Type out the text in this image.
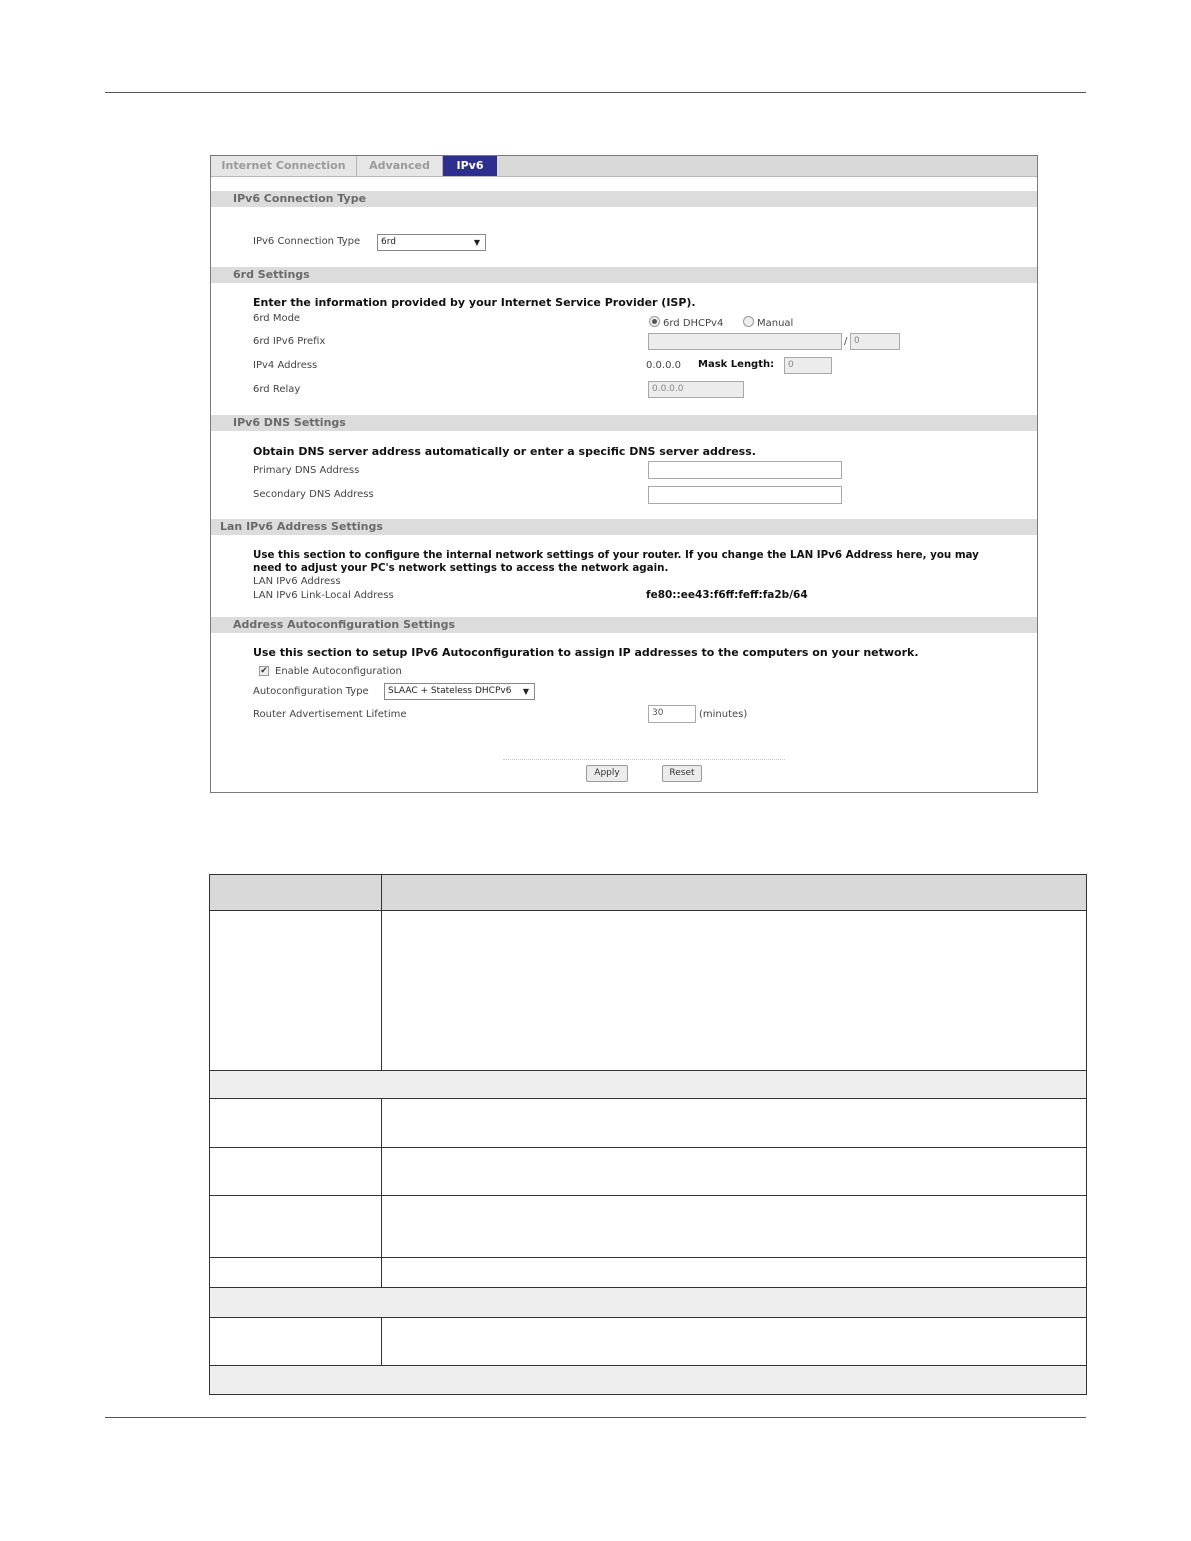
Internet Connection	Advanced	IPv6
IPv6 Connection Type
IPv6 Connection Type	6rd	▼
6rd Settings
Enter the information provided by your Internet Service Provider (ISP).
6rd Mode	6rd DHCPv4	Manual
6rd IPv6 Prefix	/ 0
IPv4 Address	0.0.0.0 Mask Length:	0
6rd Relay	0.0.0.0
IPv6 DNS Settings
Obtain DNS server address automatically or enter a specific DNS server address.
Primary DNS Address
Secondary DNS Address
Lan IPv6 Address Settings
Use this section to configure the internal network settings of your router. If you change the LAN IPv6 Address here, you may
need to adjust your PC's network settings to access the network again.
LAN IPv6 Address
LAN IPv6 Link-Local Address	fe80::ee43:f6ff:feff:fa2b/64
Address Autoconfiguration Settings
Use this section to setup IPv6 Autoconfiguration to assign IP addresses to the computers on your network.
✔ Enable Autoconfiguration
Autoconfiguration Type	SLAAC + Stateless DHCPv6 ▼
Router Advertisement Lifetime	30	(minutes)
Apply	Reset
